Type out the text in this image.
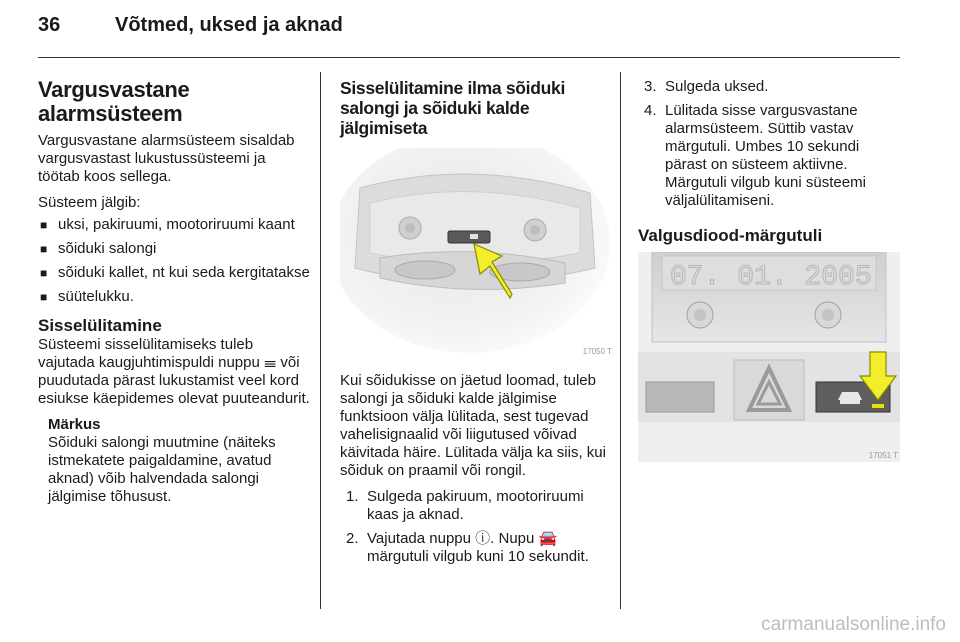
36	Võtmed, uksed ja aknad
Vargusvastane alarmsüsteem

Vargusvastane alarmsüsteem sisaldab vargusvastast lukustussüsteemi ja töötab koos sellega.

Süsteem jälgib:

■ uksi, pakiruumi, mootoriruumi kaant
■ sõiduki salongi
■ sõiduki kallet, nt kui seda kergitatakse
■ süütelukku.
Sisselülitamine

Süsteemi sisselülitamiseks tuleb vajutada kaugjuhtimispuldi nuppu 𝍢 või puudutada pärast lukustamist veel kord esiukse käepidemes olevat puuteandurit.

Märkus
Sõiduki salongi muutmine (näiteks istmekatete paigaldamine, avatud aknad) võib halvendada salongi jälgimise tõhusust.
Sisselülitamine ilma sõiduki salongi ja sõiduki kalde jälgimiseta
17050 T

Kui sõidukisse on jäetud loomad, tuleb salongi ja sõiduki kalde jälgimise funktsioon välja lülitada, sest tugevad vahelisignaalid või liigutused võivad käivitada häire. Lülitada välja ka siis, kui sõiduk on praamil või rongil.

1. Sulgeda pakiruum, mootoriruumi kaas ja aknad.
2. Vajutada nuppu ⓘ. Nupu 🚘 märgutuli vilgub kuni 10 sekundit.
3. Sulgeda uksed.
4. Lülitada sisse vargusvastane alarmsüsteem. Süttib vastav märgutuli. Umbes 10 sekundi pärast on süsteem aktiivne. Märgutuli vilgub kuni süsteemi väljalülitamiseni.
Valgusdiood-märgutuli
07. 01. 2005
17051 T
carmanualsonline.info
